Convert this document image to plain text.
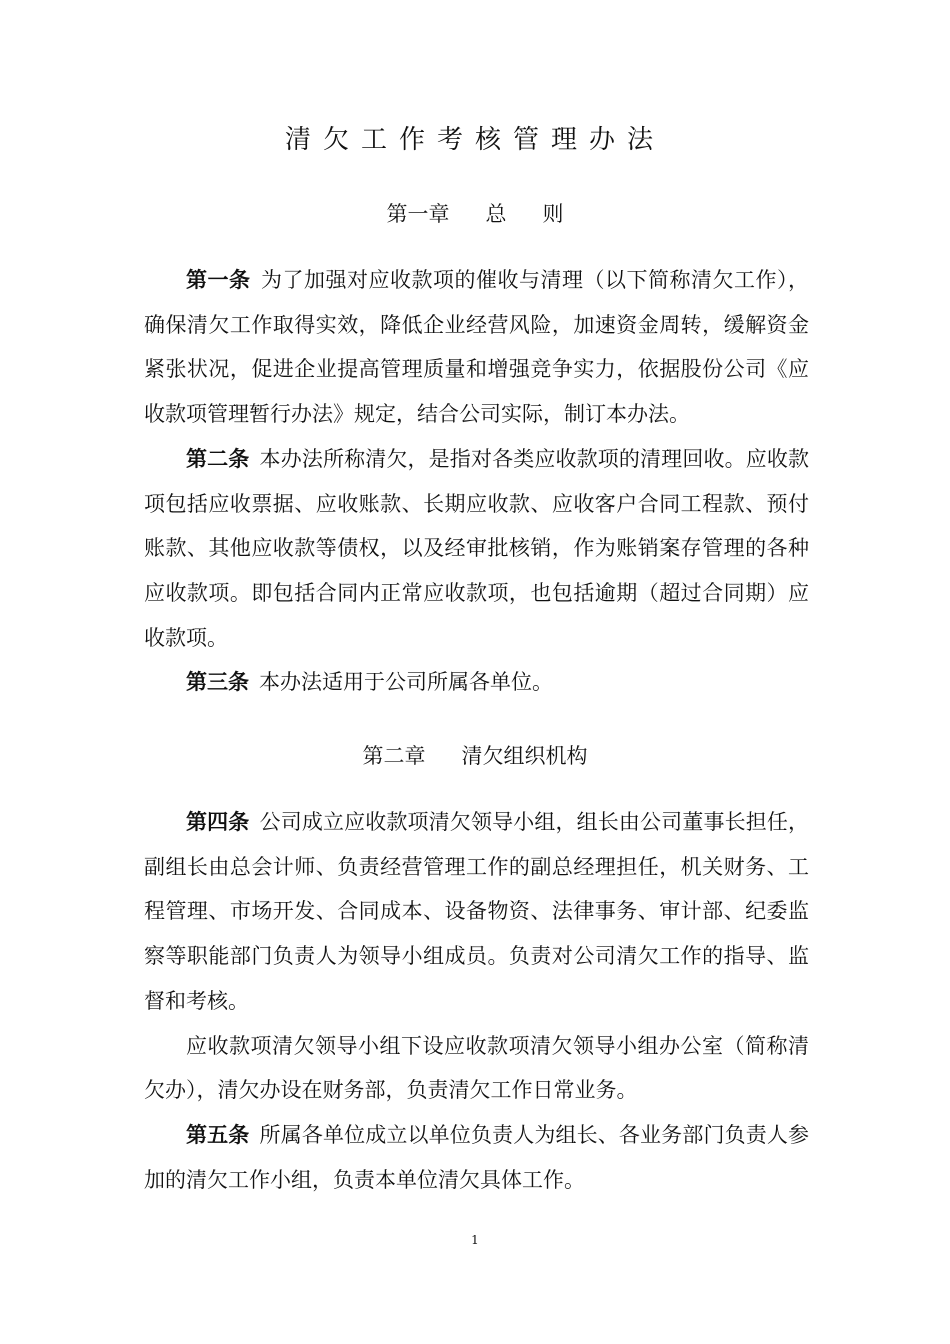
清欠工作考核管理办法
第一章 总则

第一条 为了加强对应收款项的催收与清理（以下简称清欠工作），确保清欠工作取得实效，降低企业经营风险，加速资金周转，缓解资金紧张状况，促进企业提高管理质量和增强竞争实力，依据股份公司《应收款项管理暂行办法》规定，结合公司实际，制订本办法。

第二条 本办法所称清欠，是指对各类应收款项的清理回收。应收款项包括应收票据、应收账款、长期应收款、应收客户合同工程款、预付账款、其他应收款等债权，以及经审批核销，作为账销案存管理的各种应收款项。即包括合同内正常应收款项，也包括逾期（超过合同期）应收款项。

第三条 本办法适用于公司所属各单位。

第二章 清欠组织机构

第四条 公司成立应收款项清欠领导小组，组长由公司董事长担任，副组长由总会计师、负责经营管理工作的副总经理担任，机关财务、工程管理、市场开发、合同成本、设备物资、法律事务、审计部、纪委监察等职能部门负责人为领导小组成员。负责对公司清欠工作的指导、监督和考核。

应收款项清欠领导小组下设应收款项清欠领导小组办公室（简称清欠办），清欠办设在财务部，负责清欠工作日常业务。

第五条 所属各单位成立以单位负责人为组长、各业务部门负责人参加的清欠工作小组，负责本单位清欠具体工作。

1
